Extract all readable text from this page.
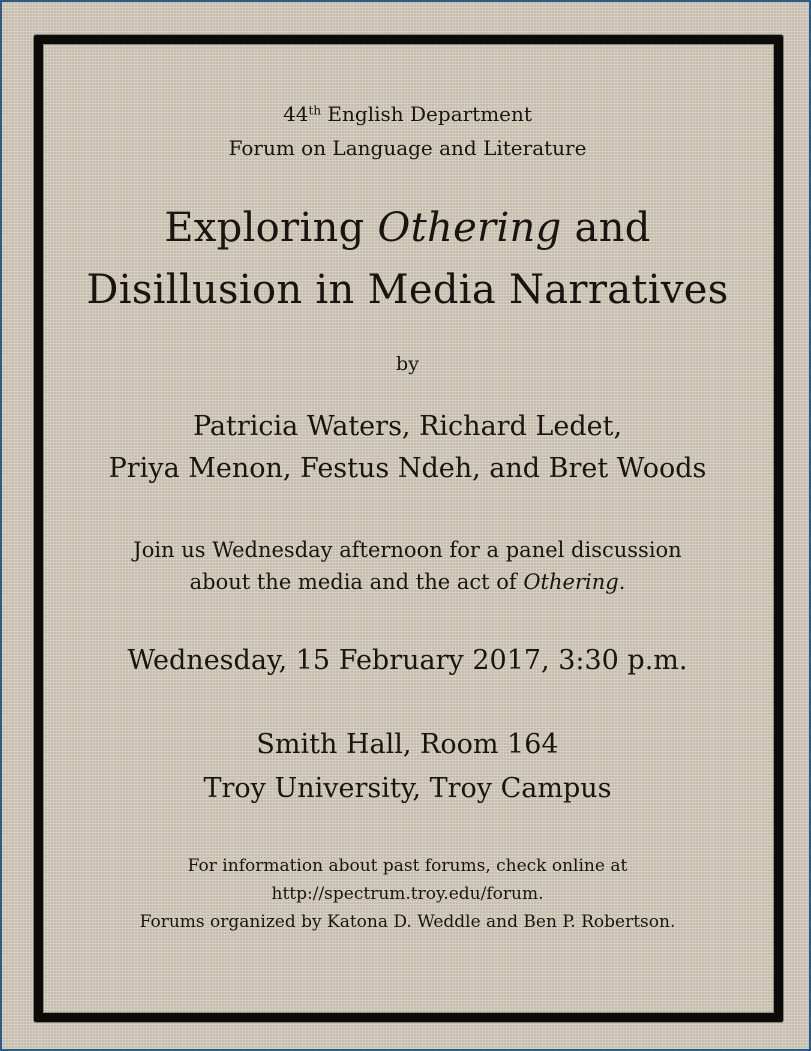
44th English Department

Forum on Language and Literature

Exploring Othering and

Disillusion in Media Narratives

by

Patricia Waters, Richard Ledet,

Priya Menon, Festus Ndeh, and Bret Woods

Join us Wednesday afternoon for a panel discussion

about the media and the act of Othering.

Wednesday, 15 February 2017, 3:30 p.m.

Smith Hall, Room 164

Troy University, Troy Campus

For information about past forums, check online at

http://spectrum.troy.edu/forum.

Forums organized by Katona D. Weddle and Ben P. Robertson.
